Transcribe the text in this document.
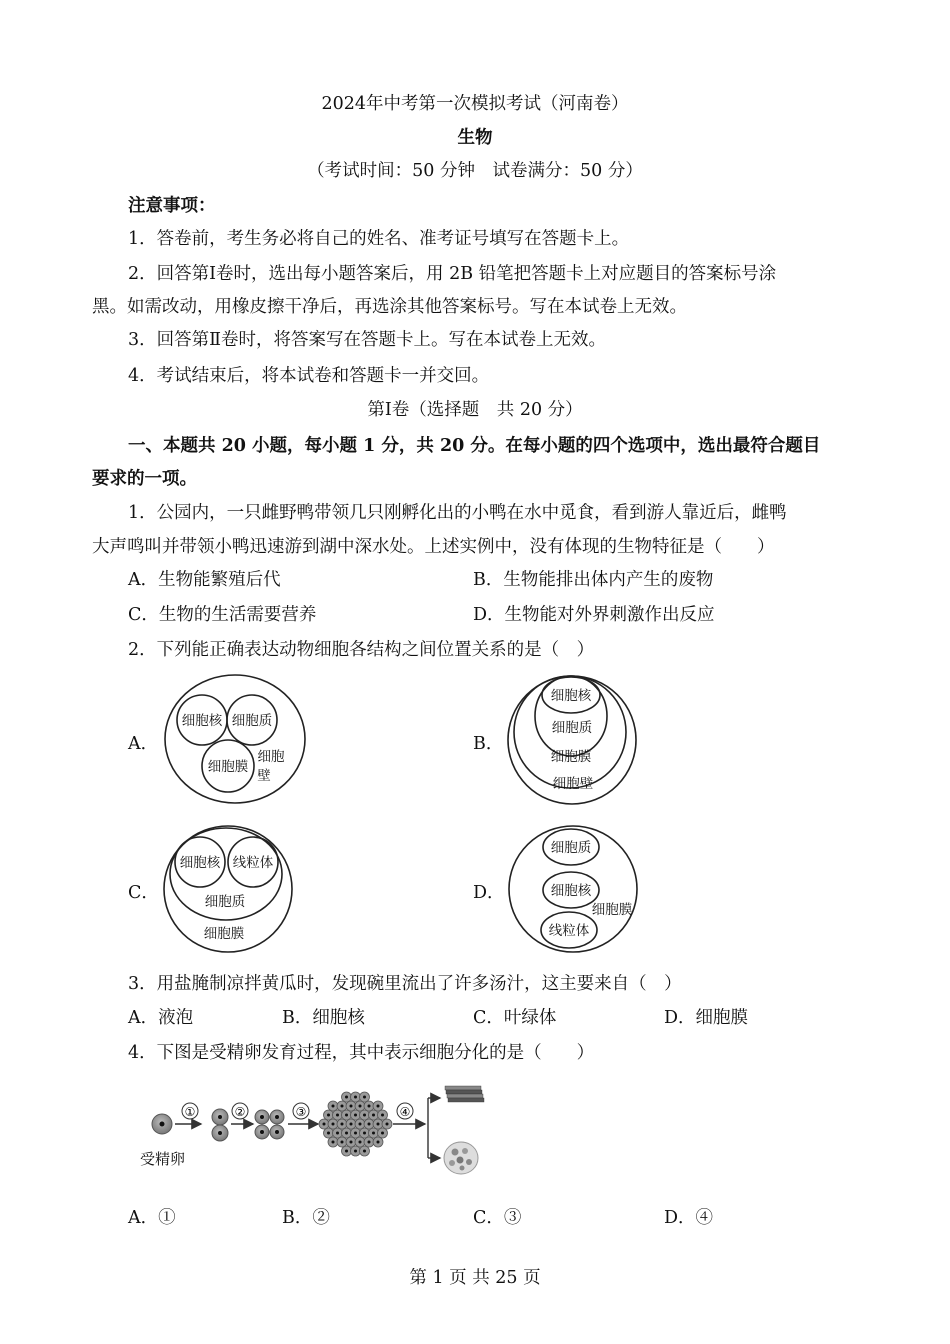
2024年中考第一次模拟考试（河南卷）
生物
（考试时间：50 分钟　试卷满分：50 分）
注意事项：
1．答卷前，考生务必将自己的姓名、准考证号填写在答题卡上。
2．回答第Ⅰ卷时，选出每小题答案后，用 2B 铅笔把答题卡上对应题目的答案标号涂
黑。如需改动，用橡皮擦干净后，再选涂其他答案标号。写在本试卷上无效。
3．回答第Ⅱ卷时，将答案写在答题卡上。写在本试卷上无效。
4．考试结束后，将本试卷和答题卡一并交回。
第Ⅰ卷（选择题　共 20 分）
一、本题共 20 小题，每小题 1 分，共 20 分。在每小题的四个选项中，选出最符合题目
要求的一项。
1．公园内，一只雌野鸭带领几只刚孵化出的小鸭在水中觅食，看到游人靠近后，雌鸭
大声鸣叫并带领小鸭迅速游到湖中深水处。上述实例中，没有体现的生物特征是（　　）
A．生物能繁殖后代	B．生物能排出体内产生的废物
C．生物的生活需要营养	D．生物能对外界刺激作出反应
2．下列能正确表达动物细胞各结构之间位置关系的是（　）
A．	B．
C．	D．
细胞核 细胞质
细胞膜
细胞
壁
细胞核
细胞质
细胞膜
细胞壁
细胞核 线粒体
细胞质
细胞膜
细胞质
细胞核
线粒体
细胞膜
3．用盐腌制凉拌黄瓜时，发现碗里流出了许多汤汁，这主要来自（　）
A．液泡	B．细胞核	C．叶绿体	D．细胞膜
4．下图是受精卵发育过程，其中表示细胞分化的是（　　）
受精卵
①	②	③	④
A．①	B．②	C．③	D．④
第 1 页 共 25 页
